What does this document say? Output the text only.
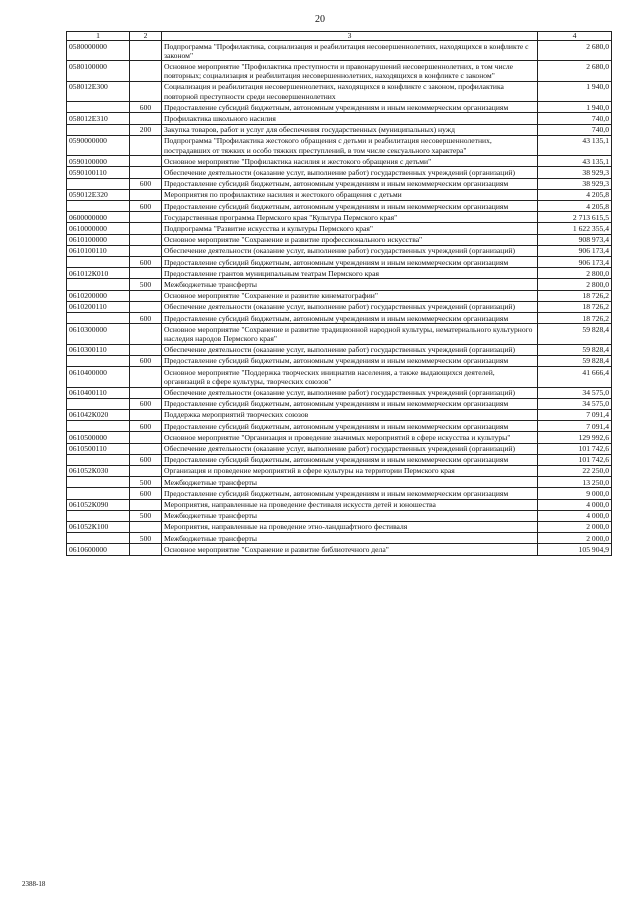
20
1	2	3	4
0580000000		Подпрограмма "Профилактика, социализация и реабилитация несовершеннолетних, находящихся в конфликте с законом"	2 680,0
0580100000		Основное мероприятие "Профилактика преступности и правонарушений несовершеннолетних, в том числе повторных; социализация и реабилитация несовершеннолетних, находящихся в конфликте с законом"	2 680,0
058012Е300		Социализация и реабилитация несовершеннолетних, находящихся в конфликте с законом, профилактика повторной преступности среди несовершеннолетних	1 940,0
	600	Предоставление субсидий бюджетным, автономным учреждениям и иным некоммерческим организациям	1 940,0
058012Е310		Профилактика школьного насилия	740,0
	200	Закупка товаров, работ и услуг для обеспечения государственных (муниципальных) нужд	740,0
0590000000		Подпрограмма "Профилактика жестокого обращения с детьми и реабилитация несовершеннолетних, пострадавших от тяжких и особо тяжких преступлений, в том числе сексуального характера"	43 135,1
0590100000		Основное мероприятие "Профилактика насилия и жестокого обращения с детьми"	43 135,1
0590100110		Обеспечение деятельности (оказание услуг, выполнение работ) государственных учреждений (организаций)	38 929,3
	600	Предоставление субсидий бюджетным, автономным учреждениям и иным некоммерческим организациям	38 929,3
059012Е320		Мероприятия по профилактике насилия и жестокого обращения с детьми	4 205,8
	600	Предоставление субсидий бюджетным, автономным учреждениям и иным некоммерческим организациям	4 205,8
0600000000		Государственная программа Пермского края "Культура Пермского края"	2 713 615,5
0610000000		Подпрограмма "Развитие искусства и культуры Пермского края"	1 622 355,4
0610100000		Основное мероприятие "Сохранение и развитие профессионального искусства"	908 973,4
0610100110		Обеспечение деятельности (оказание услуг, выполнение работ) государственных учреждений (организаций)	906 173,4
	600	Предоставление субсидий бюджетным, автономным учреждениям и иным некоммерческим организациям	906 173,4
061012К010		Предоставление грантов муниципальным театрам Пермского края	2 800,0
	500	Межбюджетные трансферты	2 800,0
0610200000		Основное мероприятие "Сохранение и развитие кинематографии"	18 726,2
0610200110		Обеспечение деятельности (оказание услуг, выполнение работ) государственных учреждений (организаций)	18 726,2
	600	Предоставление субсидий бюджетным, автономным учреждениям и иным некоммерческим организациям	18 726,2
0610300000		Основное мероприятие "Сохранение и развитие традиционной народной культуры, нематериального культурного наследия народов Пермского края"	59 828,4
0610300110		Обеспечение деятельности (оказание услуг, выполнение работ) государственных учреждений (организаций)	59 828,4
	600	Предоставление субсидий бюджетным, автономным учреждениям и иным некоммерческим организациям	59 828,4
0610400000		Основное мероприятие "Поддержка творческих инициатив населения, а также выдающихся деятелей, организаций в сфере культуры, творческих союзов"	41 666,4
0610400110		Обеспечение деятельности (оказание услуг, выполнение работ) государственных учреждений (организаций)	34 575,0
	600	Предоставление субсидий бюджетным, автономным учреждениям и иным некоммерческим организациям	34 575,0
061042К020		Поддержка мероприятий творческих союзов	7 091,4
	600	Предоставление субсидий бюджетным, автономным учреждениям и иным некоммерческим организациям	7 091,4
0610500000		Основное мероприятие "Организация и проведение значимых мероприятий в сфере искусства и культуры"	129 992,6
0610500110		Обеспечение деятельности (оказание услуг, выполнение работ) государственных учреждений (организаций)	101 742,6
	600	Предоставление субсидий бюджетным, автономным учреждениям и иным некоммерческим организациям	101 742,6
061052К030		Организация и проведение мероприятий в сфере культуры на территории Пермского края	22 250,0
	500	Межбюджетные трансферты	13 250,0
	600	Предоставление субсидий бюджетным, автономным учреждениям и иным некоммерческим организациям	9 000,0
061052К090		Мероприятия, направленные на проведение фестиваля искусств детей и юношества	4 000,0
	500	Межбюджетные трансферты	4 000,0
061052К100		Мероприятия, направленные на проведение этно-ландшафтного фестиваля	2 000,0
	500	Межбюджетные трансферты	2 000,0
0610600000		Основное мероприятие "Сохранение и развитие библиотечного дела"	105 904,9
2388-18
